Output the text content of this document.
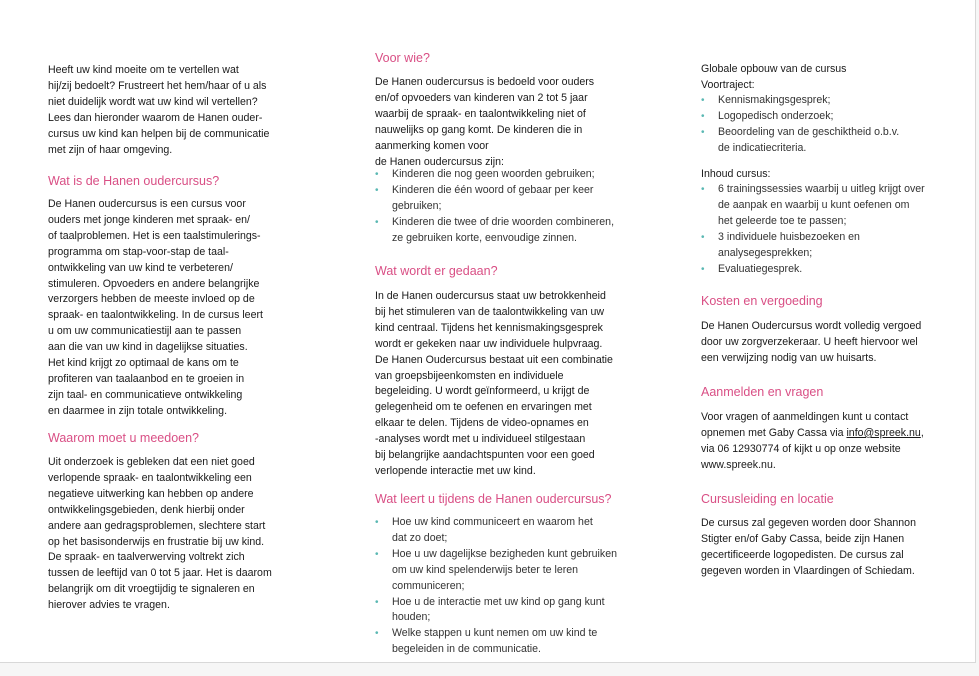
Heeft uw kind moeite om te vertellen wat
hij/zij bedoelt? Frustreert het hem/haar of u als
niet duidelijk wordt wat uw kind wil vertellen?
Lees dan hieronder waarom de Hanen ouder-
cursus uw kind kan helpen bij de communicatie
met zijn of haar omgeving.

Wat is de Hanen oudercursus?

De Hanen oudercursus is een cursus voor
ouders met jonge kinderen met spraak- en/
of taalproblemen. Het is een taalstimulerings-
programma om stap-voor-stap de taal-
ontwikkeling van uw kind te verbeteren/
stimuleren. Opvoeders en andere belangrijke
verzorgers hebben de meeste invloed op de
spraak- en taalontwikkeling. In de cursus leert
u om uw communicatiestijl aan te passen
aan die van uw kind in dagelijkse situaties.
Het kind krijgt zo optimaal de kans om te
profiteren van taalaanbod en te groeien in
zijn taal- en communicatieve ontwikkeling
en daarmee in zijn totale ontwikkeling.

Waarom moet u meedoen?

Uit onderzoek is gebleken dat een niet goed
verlopende spraak- en taalontwikkeling een
negatieve uitwerking kan hebben op andere
ontwikkelingsgebieden, denk hierbij onder
andere aan gedragsproblemen, slechtere start
op het basisonderwijs en frustratie bij uw kind.
De spraak- en taalverwerving voltrekt zich
tussen de leeftijd van 0 tot 5 jaar. Het is daarom
belangrijk om dit vroegtijdig te signaleren en
hierover advies te vragen.

Voor wie?

De Hanen oudercursus is bedoeld voor ouders
en/of opvoeders van kinderen van 2 tot 5 jaar
waarbij de spraak- en taalontwikkeling niet of
nauwelijks op gang komt. De kinderen die in
aanmerking komen voor
de Hanen oudercursus zijn:

• Kinderen die nog geen woorden gebruiken;
• Kinderen die één woord of gebaar per keer
gebruiken;
• Kinderen die twee of drie woorden combineren,
ze gebruiken korte, eenvoudige zinnen.
Wat wordt er gedaan?

In de Hanen oudercursus staat uw betrokkenheid
bij het stimuleren van de taalontwikkeling van uw
kind centraal. Tijdens het kennismakingsgesprek
wordt er gekeken naar uw individuele hulpvraag.
De Hanen Oudercursus bestaat uit een combinatie
van groepsbijeenkomsten en individuele
begeleiding. U wordt geïnformeerd, u krijgt de
gelegenheid om te oefenen en ervaringen met
elkaar te delen. Tijdens de video-opnames en
-analyses wordt met u individueel stilgestaan
bij belangrijke aandachtspunten voor een goed
verlopende interactie met uw kind.

Wat leert u tijdens de Hanen oudercursus?
• Hoe uw kind communiceert en waarom het
dat zo doet;
• Hoe u uw dagelijkse bezigheden kunt gebruiken
om uw kind spelenderwijs beter te leren
communiceren;
• Hoe u de interactie met uw kind op gang kunt
houden;
• Welke stappen u kunt nemen om uw kind te
begeleiden in de communicatie.

Globale opbouw van de cursus

Voortraject:

• Kennismakingsgesprek;
• Logopedisch onderzoek;
• Beoordeling van de geschiktheid o.b.v.
de indicatiecriteria.

Inhoud cursus:

• 6 trainingssessies waarbij u uitleg krijgt over
de aanpak en waarbij u kunt oefenen om
het geleerde toe te passen;
• 3 individuele huisbezoeken en
analysegesprekken;
• Evaluatiegesprek.
Kosten en vergoeding

De Hanen Oudercursus wordt volledig vergoed
door uw zorgverzekeraar. U heeft hiervoor wel
een verwijzing nodig van uw huisarts.

Aanmelden en vragen

Voor vragen of aanmeldingen kunt u contact
opnemen met Gaby Cassa via info@spreek.nu,
via 06 12930774 of kijkt u op onze website
www.spreek.nu.

Cursusleiding en locatie

De cursus zal gegeven worden door Shannon
Stigter en/of Gaby Cassa, beide zijn Hanen
gecertificeerde logopedisten. De cursus zal
gegeven worden in Vlaardingen of Schiedam.
